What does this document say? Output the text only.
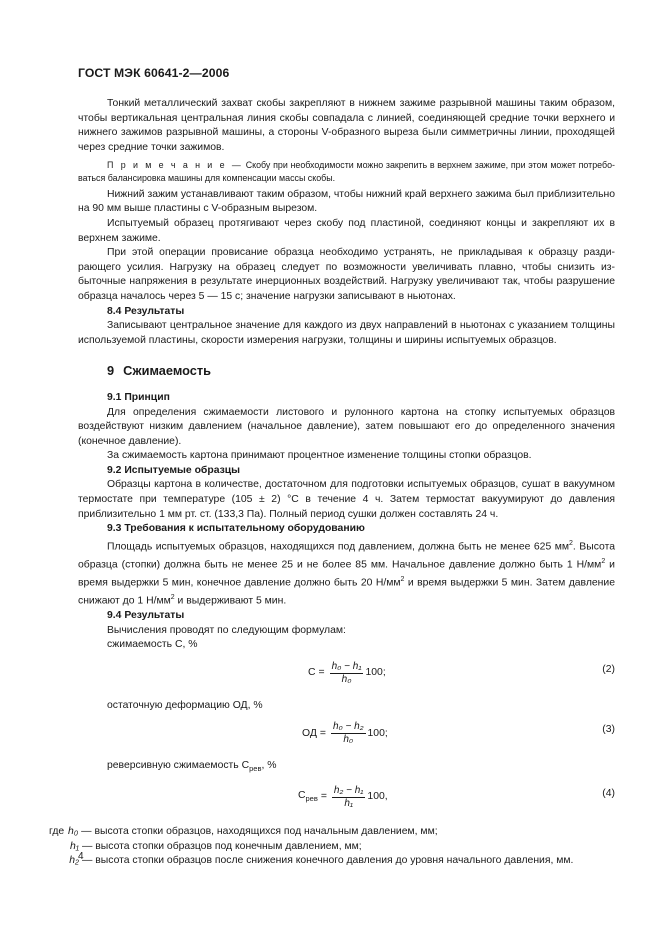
ГОСТ МЭК 60641-2—2006

Тонкий металлический захват скобы закрепляют в нижнем зажиме разрывной машины таким образом, чтобы вертикальная центральная линия скобы совпадала с линией, соединяющей средние точки верхнего и нижнего зажимов разрывной машины, а стороны V-образного выреза были симметричны линии, проходящей через средние точки зажимов.

П р и м е ч а н и е — Скобу при необходимости можно закрепить в верхнем зажиме, при этом может потребоваться балансировка машины для компенсации массы скобы.

Нижний зажим устанавливают таким образом, чтобы нижний край верхнего зажима был приблизительно на 90 мм выше пластины с V-образным вырезом.

Испытуемый образец протягивают через скобу под пластиной, соединяют концы и закрепляют их в верхнем зажиме.

При этой операции провисание образца необходимо устранять, не прикладывая к образцу раздирающего усилия. Нагрузку на образец следует по возможности увеличивать плавно, чтобы снизить избыточные напряжения в результате инерционных воздействий. Нагрузку увеличивают так, чтобы разрушение образца началось через 5 — 15 с; значение нагрузки записывают в ньютонах.

8.4 Результаты

Записывают центральное значение для каждого из двух направлений в ньютонах с указанием толщины используемой пластины, скорости измерения нагрузки, толщины и ширины испытуемых образцов.

9 Сжимаемость

9.1 Принцип

Для определения сжимаемости листового и рулонного картона на стопку испытуемых образцов воздействуют низким давлением (начальное давление), затем повышают его до определенного значения (конечное давление).

За сжимаемость картона принимают процентное изменение толщины стопки образцов.

9.2 Испытуемые образцы

Образцы картона в количестве, достаточном для подготовки испытуемых образцов, сушат в вакуумном термостате при температуре (105 ± 2) °С в течение 4 ч. Затем термостат вакуумируют до давления приблизительно 1 мм рт. ст. (133,3 Па). Полный период сушки должен составлять 24 ч.

9.3 Требования к испытательному оборудованию

Площадь испытуемых образцов, находящихся под давлением, должна быть не менее 625 $мм^2$. Высота образца (стопки) должна быть не менее 25 и не более 85 мм. Начальное давление должно быть 1 $Н/мм^2$ и время выдержки 5 мин, конечное давление должно быть 20 $Н/мм^2$ и время выдержки 5 мин. Затем давление снижают до 1 $Н/мм^2$ и выдерживают 5 мин.

9.4 Результаты

Вычисления проводят по следующим формулам:

сжимаемость С, %

$С = \frac{\text{h₀ − h₁}}{\text{h₀}} 100$;	(2)

остаточную деформацию ОД, %

ОД = $\frac{\text{h₀ − h₂}}{\text{h₀}} 100$;	(3)

реверсивную сжимаемость $С_{рев}$, %

$С_{рев} = \frac{\text{h₂ − h₁}}{\text{h₁}} 100$,	(4)
где h₀ — высота стопки образцов, находящихся под начальным давлением, мм;
h₁ — высота стопки образцов под конечным давлением, мм;
h₂ — высота стопки образцов после снижения конечного давления до уровня начального давления, мм.
4
